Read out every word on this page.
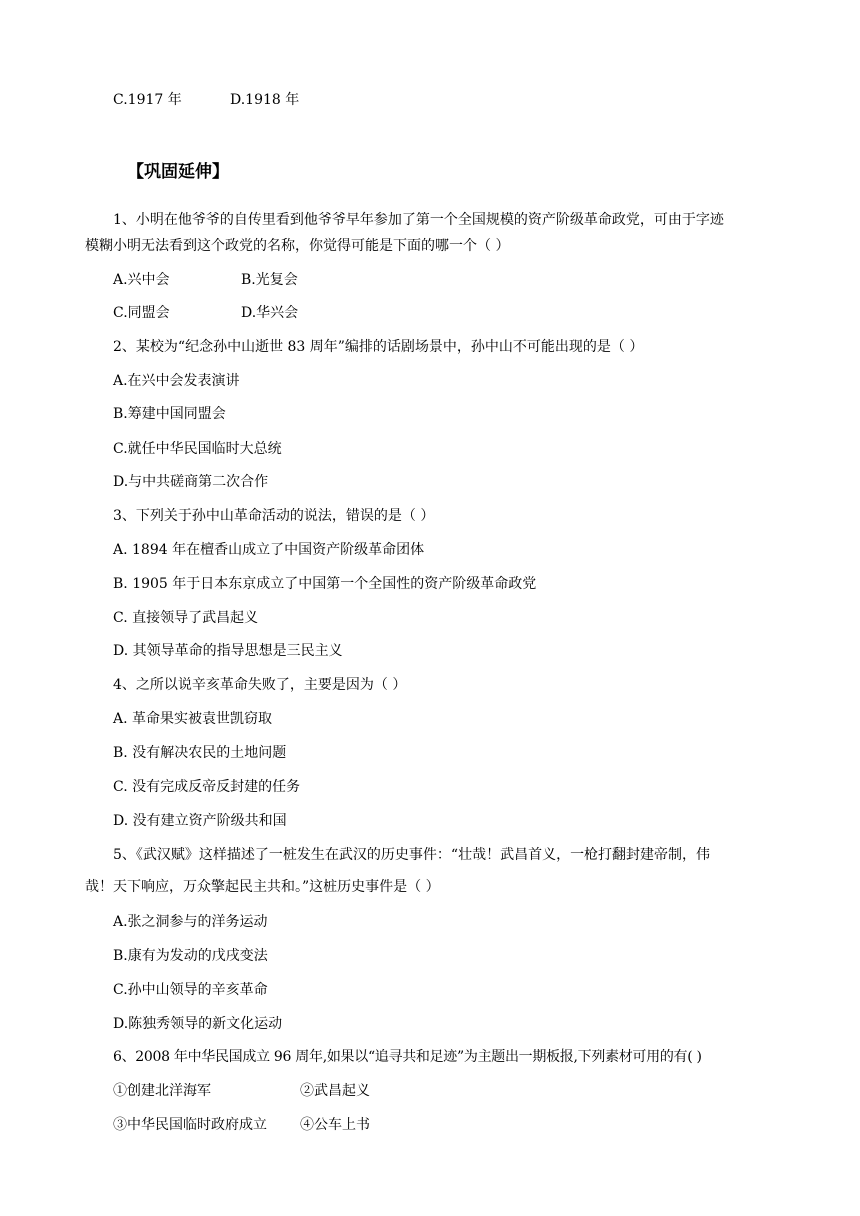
C.1917 年	D.1918 年
【巩固延伸】
1、小明在他爷爷的自传里看到他爷爷早年参加了第一个全国规模的资产阶级革命政党，可由于字迹
模糊小明无法看到这个政党的名称，你觉得可能是下面的哪一个（ ）
A.兴中会	B.光复会
C.同盟会	D.华兴会
2、某校为“纪念孙中山逝世 83 周年”编排的话剧场景中，孙中山不可能出现的是（ ）
A.在兴中会发表演讲
B.筹建中国同盟会
C.就任中华民国临时大总统
D.与中共磋商第二次合作
3、下列关于孙中山革命活动的说法，错误的是（ ）
A. 1894 年在檀香山成立了中国资产阶级革命团体
B. 1905 年于日本东京成立了中国第一个全国性的资产阶级革命政党
C. 直接领导了武昌起义
D. 其领导革命的指导思想是三民主义
4、之所以说辛亥革命失败了，主要是因为（ ）
A. 革命果实被袁世凯窃取
B. 没有解决农民的土地问题
C. 没有完成反帝反封建的任务
D. 没有建立资产阶级共和国
5、《武汉赋》这样描述了一桩发生在武汉的历史事件：“壮哉！武昌首义，一枪打翻封建帝制，伟
哉！天下响应，万众擎起民主共和。”这桩历史事件是（ ）
A.张之洞参与的洋务运动
B.康有为发动的戊戌变法
C.孙中山领导的辛亥革命
D.陈独秀领导的新文化运动
6、2008 年中华民国成立 96 周年,如果以“追寻共和足迹”为主题出一期板报,下列素材可用的有( )
①创建北洋海军	②武昌起义
③中华民国临时政府成立 ④公车上书
